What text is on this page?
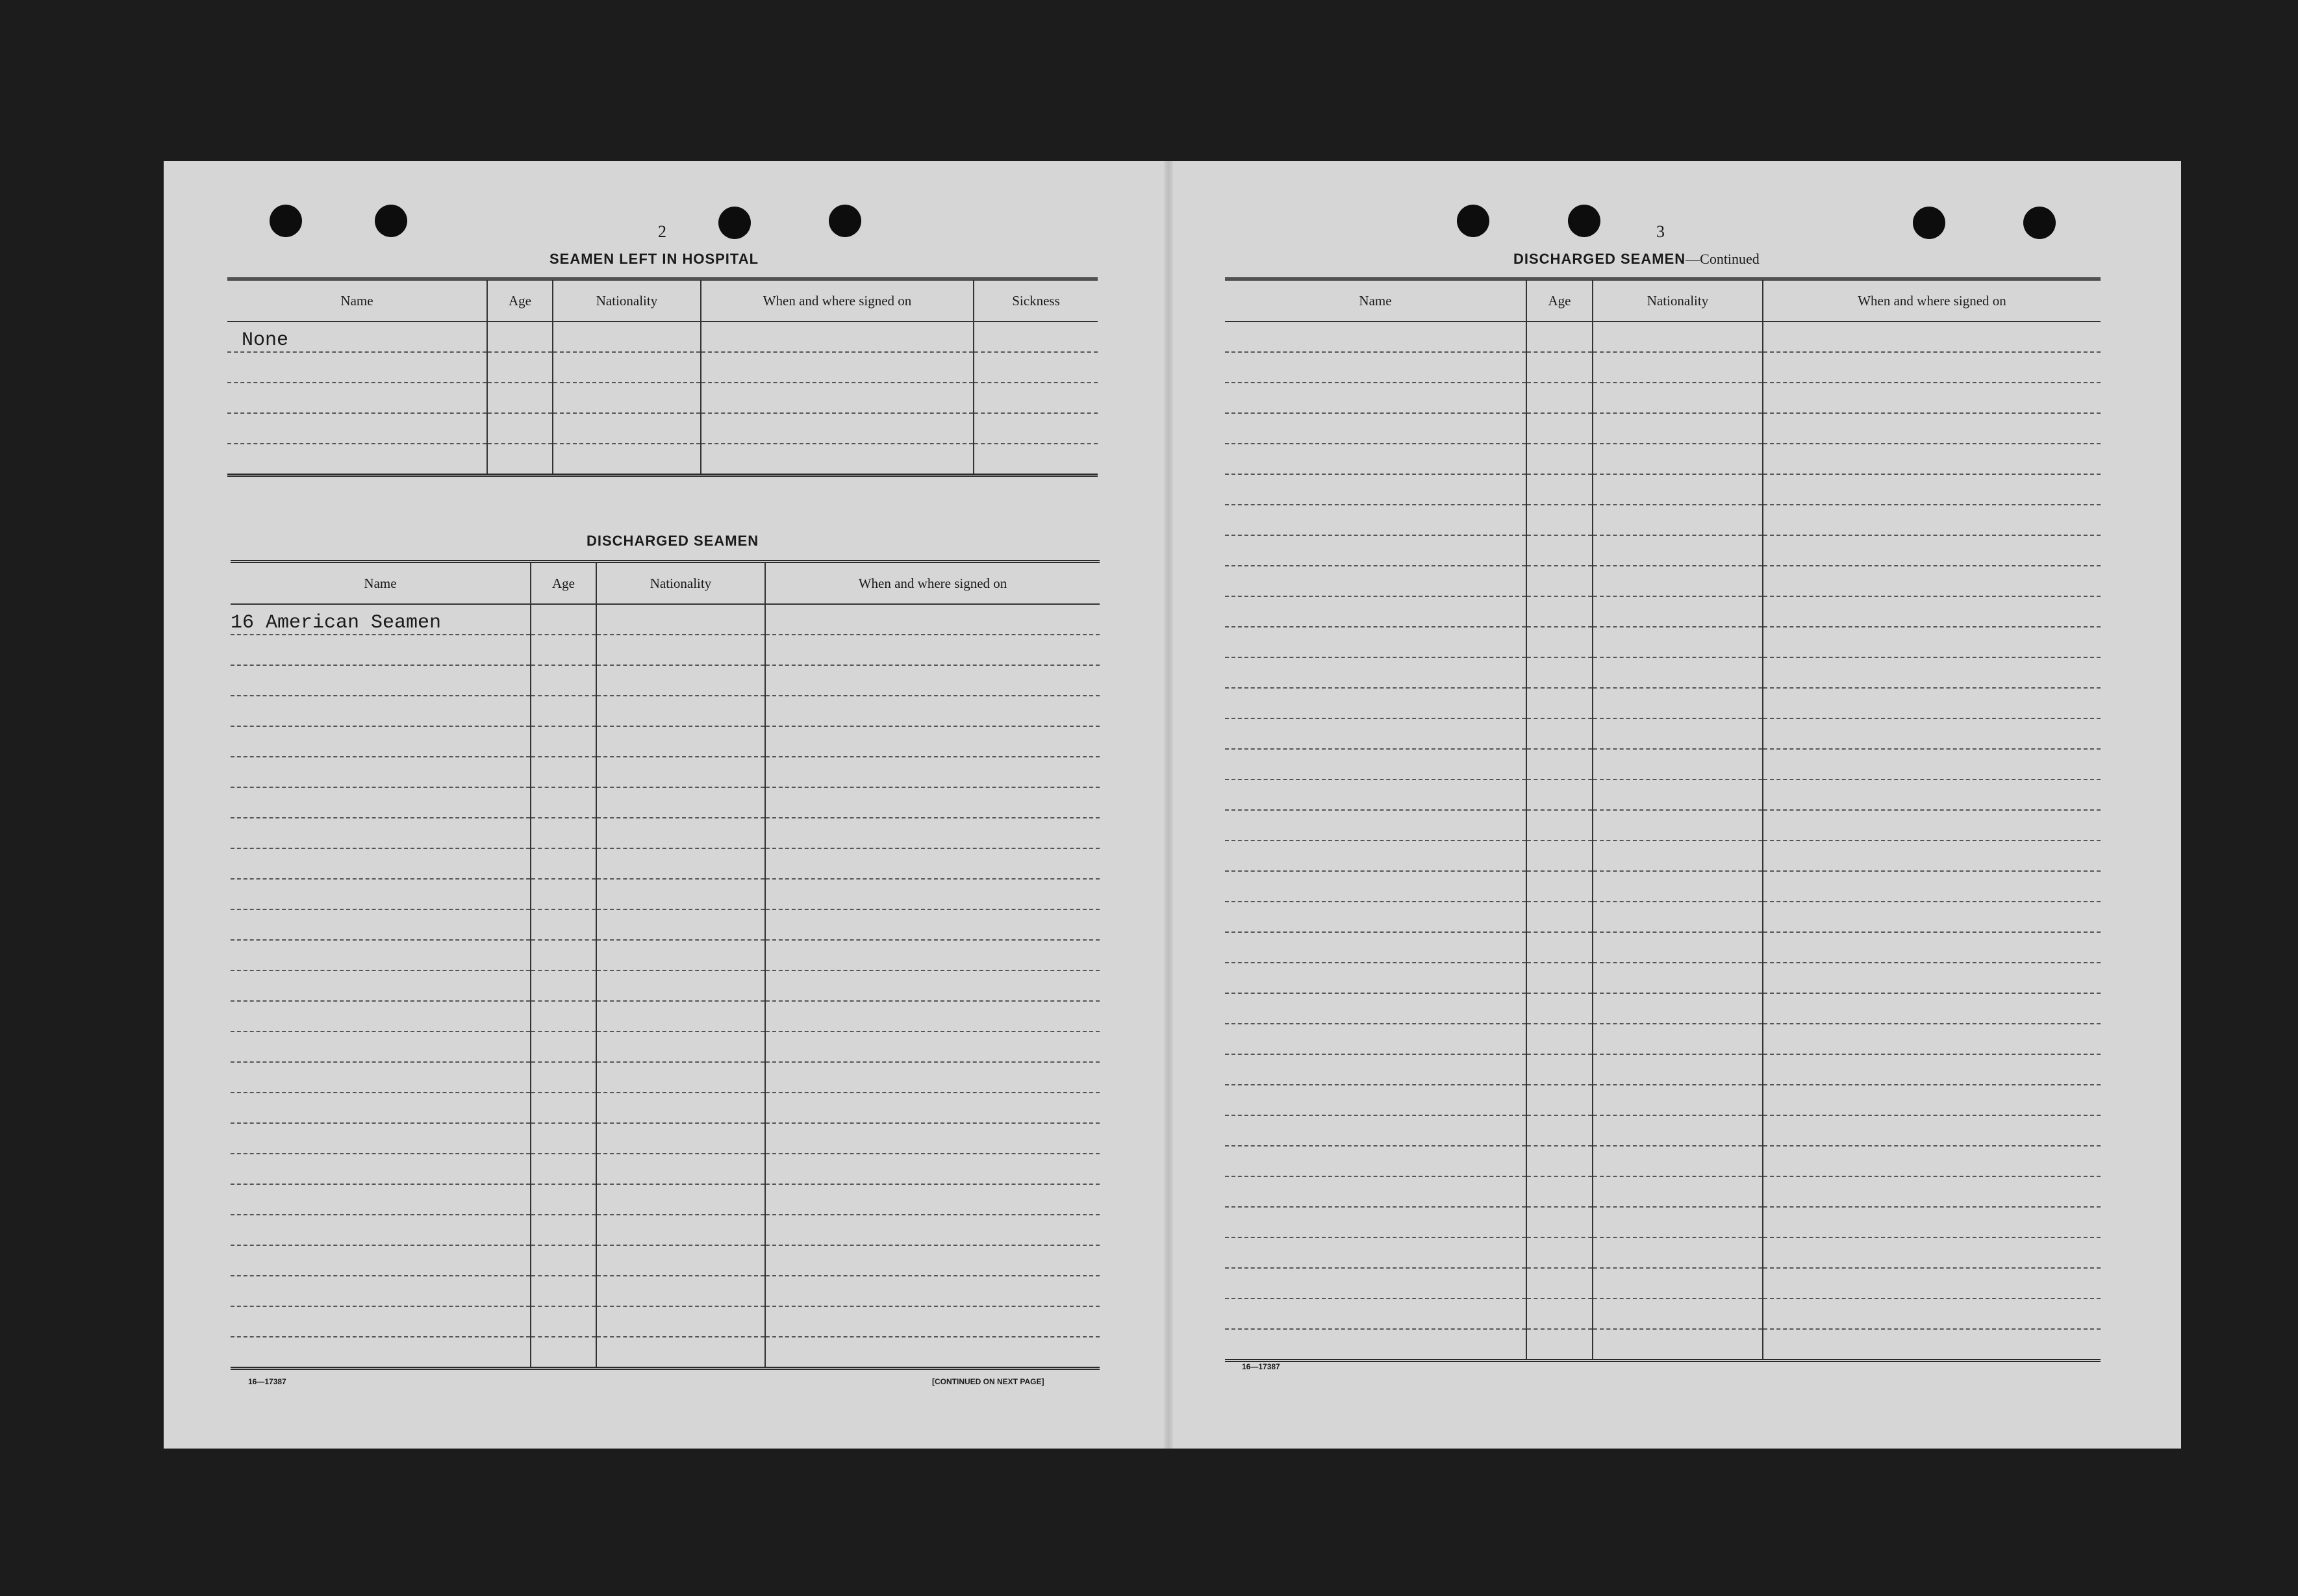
2
SEAMEN LEFT IN HOSPITAL
Name	Age	Nationality	When and where signed on	Sickness
None				

DISCHARGED SEAMEN
Name	Age	Nationality	When and where signed on
16 American Seamen			

16—17387	[CONTINUED ON NEXT PAGE]
3
DISCHARGED SEAMEN—Continued
Name	Age	Nationality	When and where signed on

16—17387
